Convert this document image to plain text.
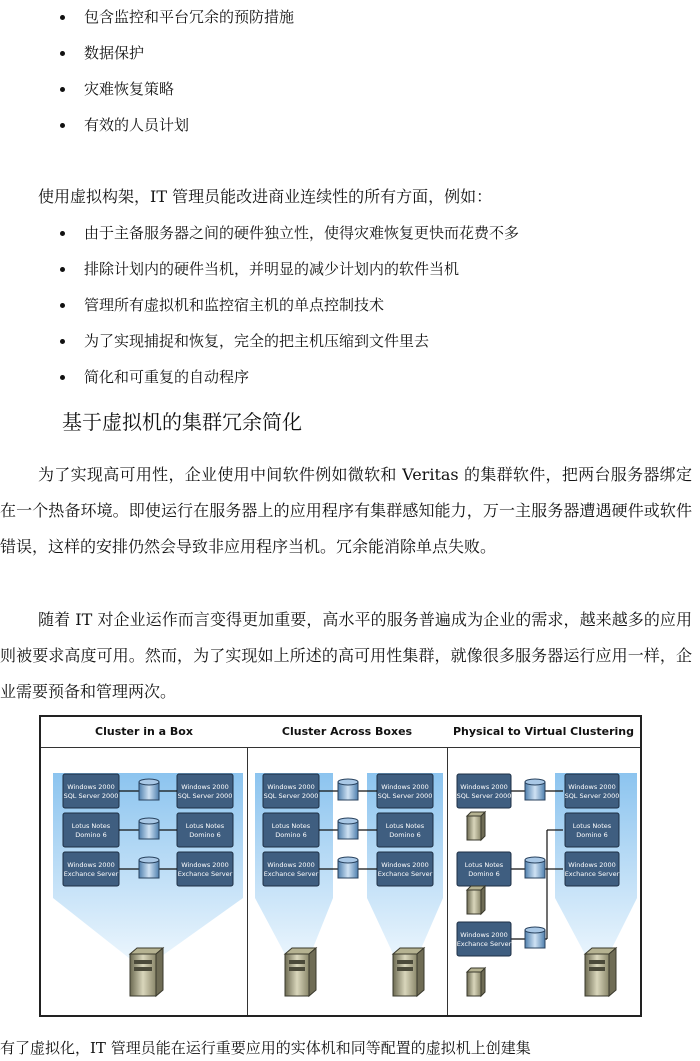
包含监控和平台冗余的预防措施
数据保护
灾难恢复策略
有效的人员计划
使用虚拟构架，IT 管理员能改进商业连续性的所有方面，例如：
由于主备服务器之间的硬件独立性，使得灾难恢复更快而花费不多
排除计划内的硬件当机，并明显的减少计划内的软件当机
管理所有虚拟机和监控宿主机的单点控制技术
为了实现捕捉和恢复，完全的把主机压缩到文件里去
简化和可重复的自动程序
基于虚拟机的集群冗余简化
为了实现高可用性，企业使用中间软件例如微软和 Veritas 的集群软件，把两台服务器绑定在一个热备环境。即使运行在服务器上的应用程序有集群感知能力，万一主服务器遭遇硬件或软件错误，这样的安排仍然会导致非应用程序当机。冗余能消除单点失败。
随着 IT 对企业运作而言变得更加重要，高水平的服务普遍成为企业的需求，越来越多的应用则被要求高度可用。然而，为了实现如上所述的高可用性集群，就像很多服务器运行应用一样，企业需要预备和管理两次。
Cluster in a Box
Windows 2000
SQL Server 2000
Lotus Notes
Domino 6
Windows 2000
Exchance Server
Windows 2000
SQL Server 2000
Lotus Notes
Domino 6
Windows 2000
Exchance Server
Cluster Across Boxes
Windows 2000
SQL Server 2000
Lotus Notes
Domino 6
Windows 2000
Exchance Server
Windows 2000
SQL Server 2000
Lotus Notes
Domino 6
Windows 2000
Exchance Server
Physical to Virtual Clustering
Windows 2000
SQL Server 2000
Lotus Notes
Domino 6
Windows 2000
Exchance Server
Windows 2000
SQL Server 2000
Lotus Notes
Domino 6
Windows 2000
Exchance Server
有了虚拟化，IT 管理员能在运行重要应用的实体机和同等配置的虚拟机上创建集
